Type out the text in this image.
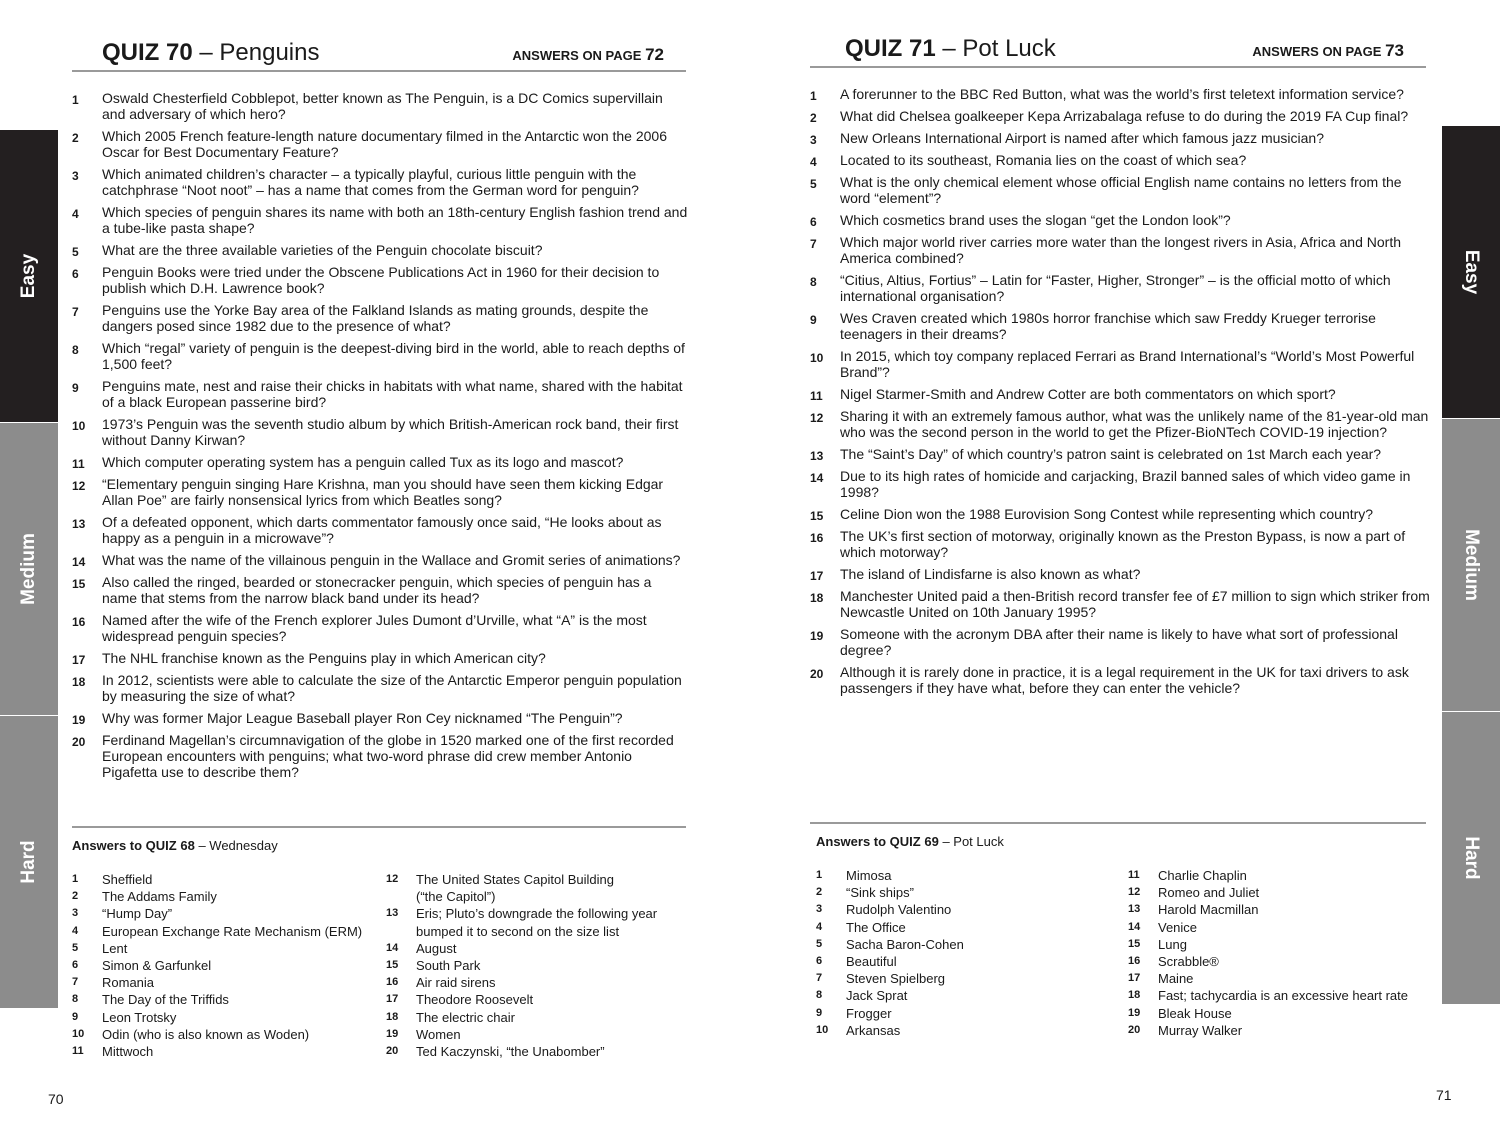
Easy
Medium
Hard
QUIZ 70 – Penguins	ANSWERS ON PAGE 72
1 Oswald Chesterfield Cobblepot, better known as The Penguin, is a DC Comics supervillain and adversary of which hero?
2 Which 2005 French feature-length nature documentary filmed in the Antarctic won the 2006 Oscar for Best Documentary Feature?
3 Which animated children’s character – a typically playful, curious little penguin with the catchphrase “Noot noot” – has a name that comes from the German word for penguin?
4 Which species of penguin shares its name with both an 18th-century English fashion trend and a tube-like pasta shape?
5 What are the three available varieties of the Penguin chocolate biscuit?
6 Penguin Books were tried under the Obscene Publications Act in 1960 for their decision to publish which D.H. Lawrence book?
7 Penguins use the Yorke Bay area of the Falkland Islands as mating grounds, despite the dangers posed since 1982 due to the presence of what?
8 Which “regal” variety of penguin is the deepest-diving bird in the world, able to reach depths of 1,500 feet?
9 Penguins mate, nest and raise their chicks in habitats with what name, shared with the habitat of a black European passerine bird?
10 1973’s Penguin was the seventh studio album by which British-American rock band, their first without Danny Kirwan?
11 Which computer operating system has a penguin called Tux as its logo and mascot?
12 “Elementary penguin singing Hare Krishna, man you should have seen them kicking Edgar Allan Poe” are fairly nonsensical lyrics from which Beatles song?
13 Of a defeated opponent, which darts commentator famously once said, “He looks about as happy as a penguin in a microwave”?
14 What was the name of the villainous penguin in the Wallace and Gromit series of animations?
15 Also called the ringed, bearded or stonecracker penguin, which species of penguin has a name that stems from the narrow black band under its head?
16 Named after the wife of the French explorer Jules Dumont d’Urville, what “A” is the most widespread penguin species?
17 The NHL franchise known as the Penguins play in which American city?
18 In 2012, scientists were able to calculate the size of the Antarctic Emperor penguin population by measuring the size of what?
19 Why was former Major League Baseball player Ron Cey nicknamed “The Penguin”?
20 Ferdinand Magellan’s circumnavigation of the globe in 1520 marked one of the first recorded European encounters with penguins; what two-word phrase did crew member Antonio Pigafetta use to describe them?
Answers to QUIZ 68 – Wednesday
1 Sheffield
2 The Addams Family
3 “Hump Day”
4 European Exchange Rate Mechanism (ERM)
5 Lent
6 Simon & Garfunkel
7 Romania
8 The Day of the Triffids
9 Leon Trotsky
10 Odin (who is also known as Woden)
11 Mittwoch
12 The United States Capitol Building
(“the Capitol”)
13 Eris; Pluto’s downgrade the following year
bumped it to second on the size list
14 August
15 South Park
16 Air raid sirens
17 Theodore Roosevelt
18 The electric chair
19 Women
20 Ted Kaczynski, “the Unabomber”
70
Easy
Medium
Hard
QUIZ 71 – Pot Luck	ANSWERS ON PAGE 73
1 A forerunner to the BBC Red Button, what was the world’s first teletext information service?
2 What did Chelsea goalkeeper Kepa Arrizabalaga refuse to do during the 2019 FA Cup final?
3 New Orleans International Airport is named after which famous jazz musician?
4 Located to its southeast, Romania lies on the coast of which sea?
5 What is the only chemical element whose official English name contains no letters from the word “element”?
6 Which cosmetics brand uses the slogan “get the London look”?
7 Which major world river carries more water than the longest rivers in Asia, Africa and North America combined?
8 “Citius, Altius, Fortius” – Latin for “Faster, Higher, Stronger” – is the official motto of which international organisation?
9 Wes Craven created which 1980s horror franchise which saw Freddy Krueger terrorise teenagers in their dreams?
10 In 2015, which toy company replaced Ferrari as Brand International’s “World’s Most Powerful Brand”?
11 Nigel Starmer-Smith and Andrew Cotter are both commentators on which sport?
12 Sharing it with an extremely famous author, what was the unlikely name of the 81-year-old man who was the second person in the world to get the Pfizer-BioNTech COVID-19 injection?
13 The “Saint’s Day” of which country’s patron saint is celebrated on 1st March each year?
14 Due to its high rates of homicide and carjacking, Brazil banned sales of which video game in 1998?
15 Celine Dion won the 1988 Eurovision Song Contest while representing which country?
16 The UK’s first section of motorway, originally known as the Preston Bypass, is now a part of which motorway?
17 The island of Lindisfarne is also known as what?
18 Manchester United paid a then-British record transfer fee of £7 million to sign which striker from Newcastle United on 10th January 1995?
19 Someone with the acronym DBA after their name is likely to have what sort of professional degree?
20 Although it is rarely done in practice, it is a legal requirement in the UK for taxi drivers to ask passengers if they have what, before they can enter the vehicle?
Answers to QUIZ 69 – Pot Luck
1 Mimosa
2 “Sink ships”
3 Rudolph Valentino
4 The Office
5 Sacha Baron-Cohen
6 Beautiful
7 Steven Spielberg
8 Jack Sprat
9 Frogger
10 Arkansas
11 Charlie Chaplin
12 Romeo and Juliet
13 Harold Macmillan
14 Venice
15 Lung
16 Scrabble®
17 Maine
18 Fast; tachycardia is an excessive heart rate
19 Bleak House
20 Murray Walker
71
